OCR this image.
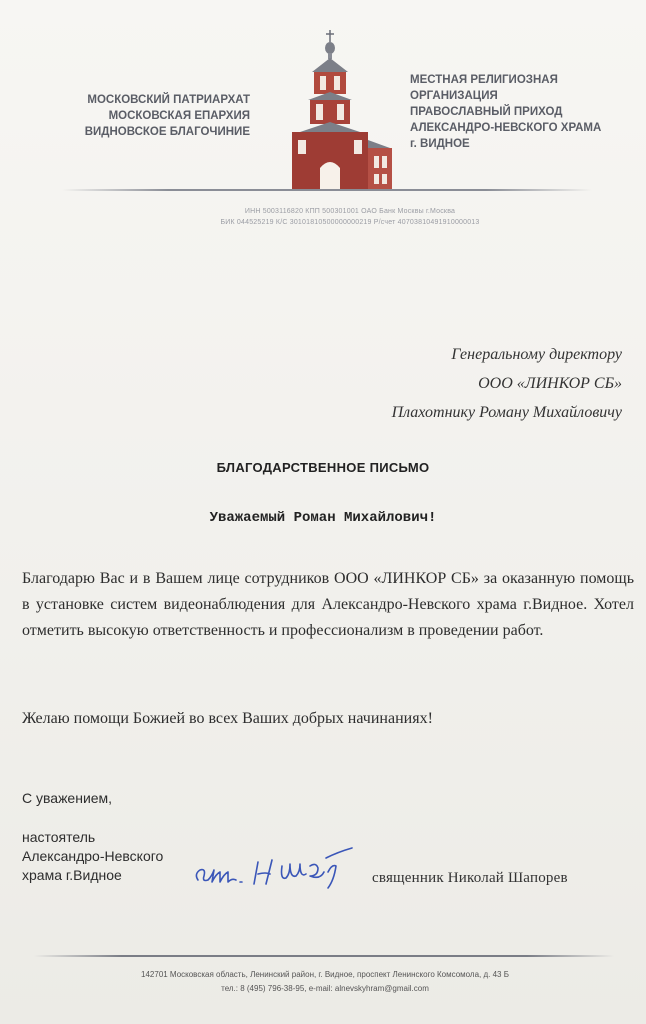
МОСКОВСКИЙ ПАТРИАРХАТ
МОСКОВСКАЯ ЕПАРХИЯ
ВИДНОВСКОЕ БЛАГОЧИНИЕ
МЕСТНАЯ РЕЛИГИОЗНАЯ
ОРГАНИЗАЦИЯ
ПРАВОСЛАВНЫЙ ПРИХОД
АЛЕКСАНДРО-НЕВСКОГО ХРАМА
г. ВИДНОЕ
ИНН 5003116820 КПП 500301001 ОАО Банк Москвы г.Москва
БИК 044525219 К/С 30101810500000000219 Р/счет 40703810491910000013
Генеральному директору
ООО «ЛИНКОР СБ»
Плахотнику Роману Михайловичу
БЛАГОДАРСТВЕННОЕ ПИСЬМО
Уважаемый Роман Михайлович!

Благодарю Вас и в Вашем лице сотрудников ООО «ЛИНКОР СБ» за оказанную помощь в установке систем видеонаблюдения для Александро-Невского храма г.Видное. Хотел отметить высокую ответственность и профессионализм в проведении работ.

Желаю помощи Божией во всех Ваших добрых начинаниях!
С уважением,
настоятель
Александро-Невского
храма г.Видное	священник Николай Шапорев
142701 Московская область, Ленинский район, г. Видное, проспект Ленинского Комсомола, д. 43 Б
тел.: 8 (495) 796-38-95, e-mail: alnevskyhram@gmail.com
